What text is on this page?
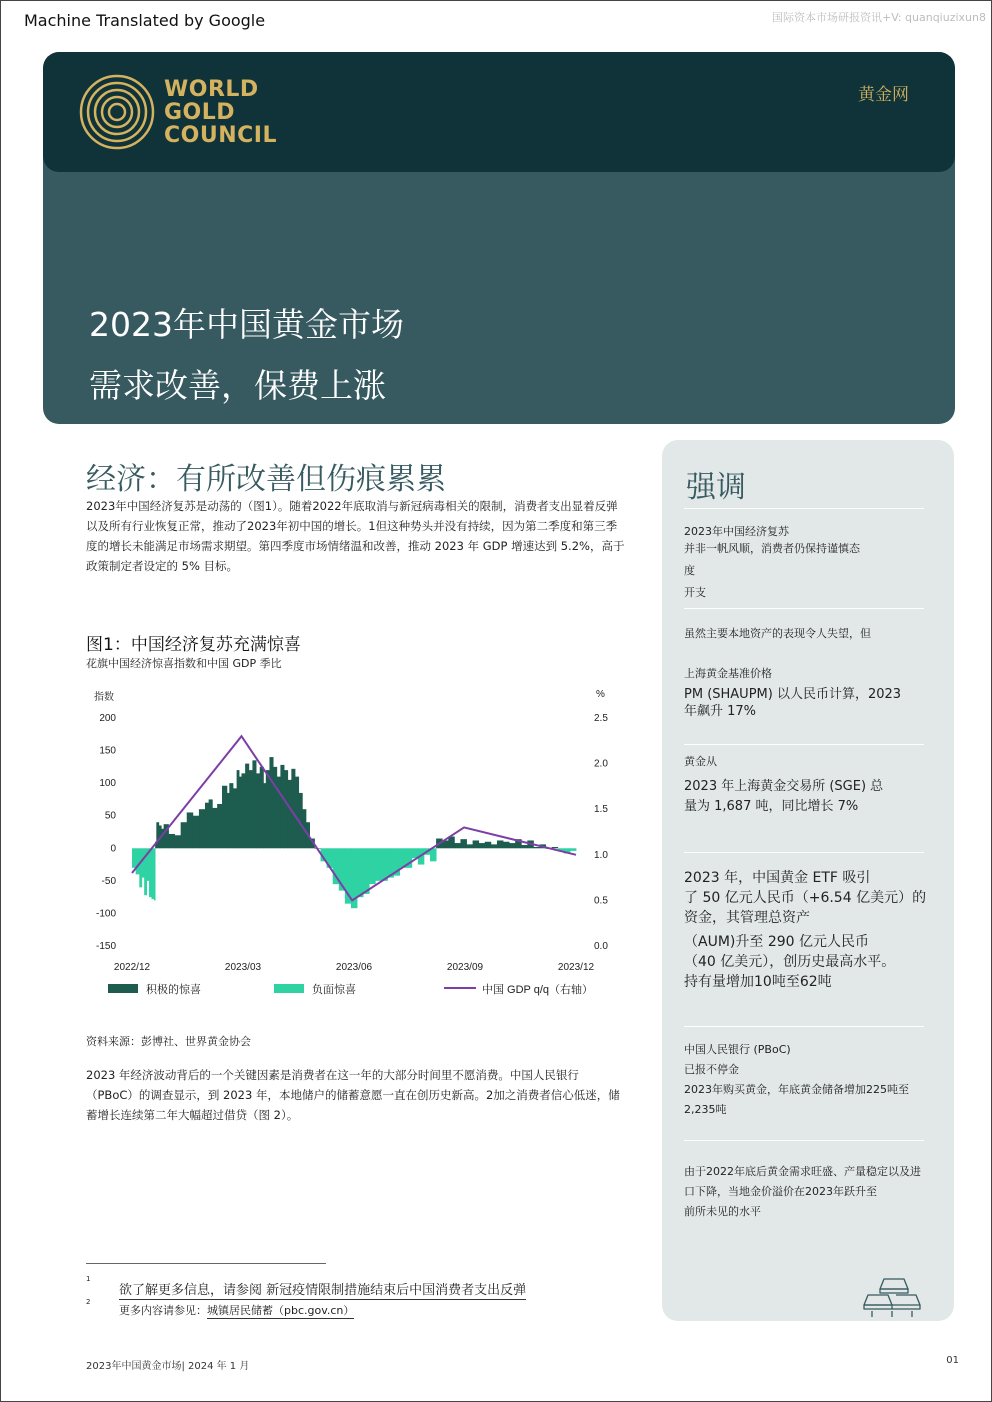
Machine Translated by Google	国际资本市场研报资讯+V: quanqiuzixun8
WORLD
GOLD
COUNCIL
黄金网
2023年中国黄金市场
需求改善，保费上涨
经济：有所改善但伤痕累累
2023年中国经济复苏是动荡的（图1）。随着2022年底取消与新冠病毒相关的限制，消费者支出显着反弹以及所有行业恢复正常，推动了2023年初中国的增长。1但这种势头并没有持续，因为第二季度和第三季度的增长未能满足市场需求期望。第四季度市场情绪温和改善，推动 2023 年 GDP 增速达到 5.2%，高于政策制定者设定的 5% 目标。
图1：中国经济复苏充满惊喜
花旗中国经济惊喜指数和中国 GDP 季比
指数	%
200
150
100
50
0
-50
-100
-150
2.5
2.0
1.5
1.0
0.5
0.0
2022/12	2023/03	2023/06	2023/09	2023/12
积极的惊喜	负面惊喜	中国 GDP q/q（右轴）
资料来源：彭博社、世界黄金协会
2023 年经济波动背后的一个关键因素是消费者在这一年的大部分时间里不愿消费。中国人民银行（PBoC）的调查显示，到 2023 年，本地储户的储蓄意愿一直在创历史新高。2加之消费者信心低迷，储蓄增长连续第二年大幅超过借贷（图 2）。
1
欲了解更多信息，请参阅 新冠疫情限制措施结束后中国消费者支出反弹
2
更多内容请参见：城镇居民储蓄（pbc.gov.cn）
2023年中国黄金市场| 2024 年 1 月
01
强调
2023年中国经济复苏
并非一帆风顺，消费者仍保持谨慎态
度
开支
虽然主要本地资产的表现令人失望，但
上海黄金基准价格
PM (SHAUPM) 以人民币计算，2023
年飙升 17%
黄金从
2023 年上海黄金交易所 (SGE) 总
量为 1,687 吨，同比增长 7%
2023 年，中国黄金 ETF 吸引
了 50 亿元人民币（+6.54 亿美元）的
资金，其管理总资产
（AUM)升至 290 亿元人民币
（40 亿美元），创历史最高水平。
持有量增加10吨至62吨
中国人民银行 (PBoC)
已报不停金
2023年购买黄金，年底黄金储备增加225吨至
2,235吨
由于2022年底后黄金需求旺盛、产量稳定以及进
口下降，当地金价溢价在2023年跃升至
前所未见的水平
